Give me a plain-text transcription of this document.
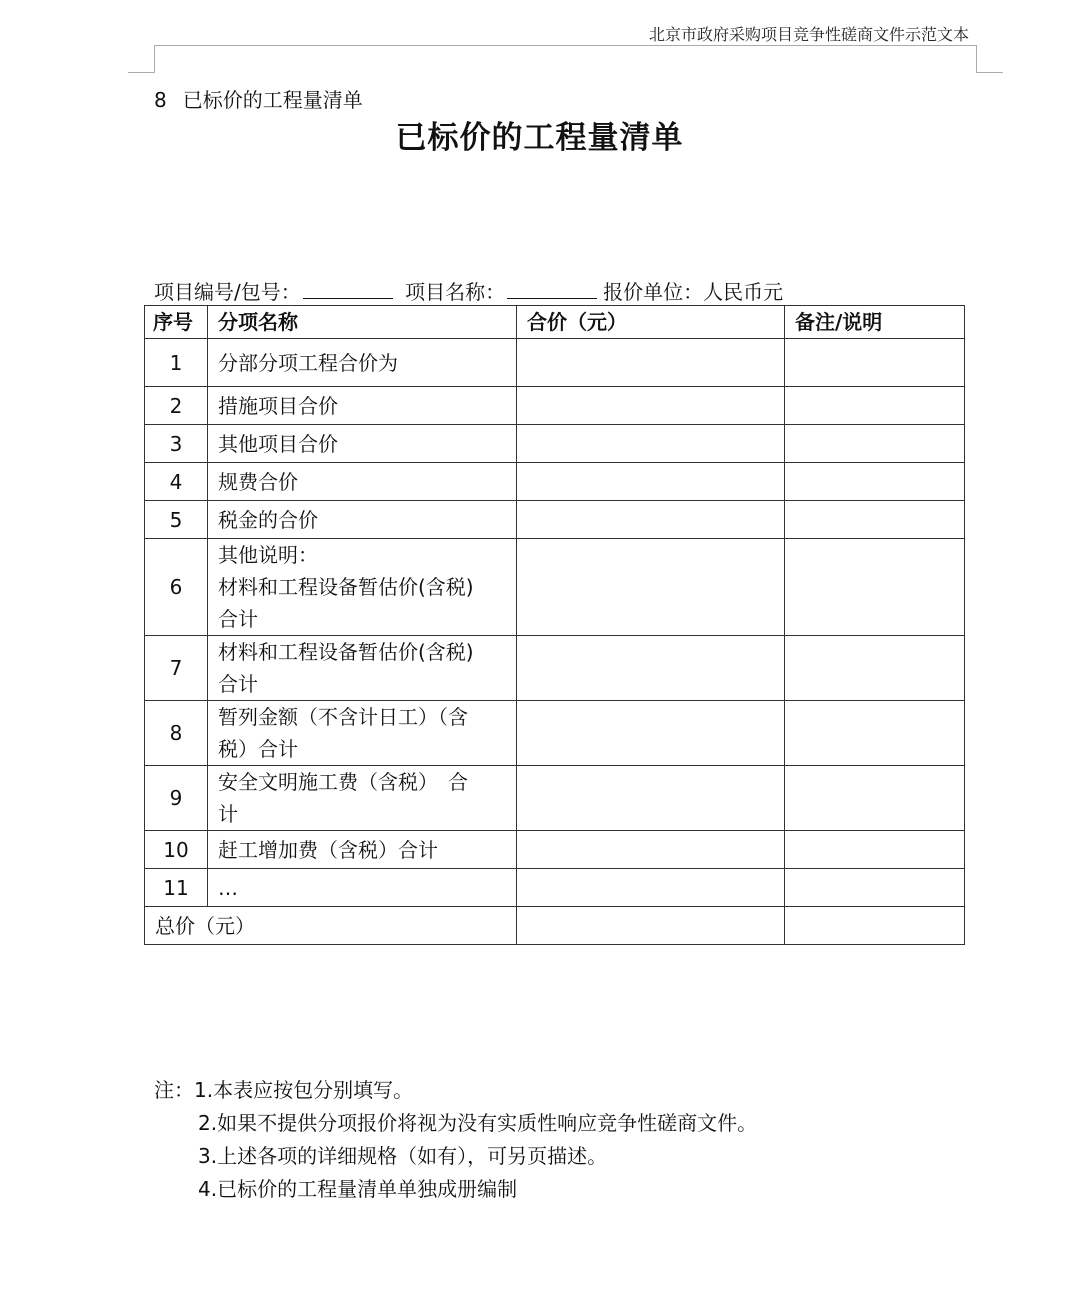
北京市政府采购项目竞争性磋商文件示范文本
8 已标价的工程量清单
已标价的工程量清单
项目编号/包号：	项目名称：	报价单位：人民币元
序号	分项名称	合价（元）	备注/说明
1	分部分项工程合价为		
2	措施项目合价		
3	其他项目合价		
4	规费合价		
5	税金的合价		
6	其他说明：
材料和工程设备暂估价(含税)
合计		

7	材料和工程设备暂估价(含税)
合计		

8	暂列金额（不含计日工）（含
税）合计		

9	安全文明施工费（含税）　合
计		

10	赶工增加费（含税）合计		
11	…		
总价（元）			
注：1.本表应按包分别填写。
2.如果不提供分项报价将视为没有实质性响应竞争性磋商文件。
3.上述各项的详细规格（如有），可另页描述。
4.已标价的工程量清单单独成册编制
